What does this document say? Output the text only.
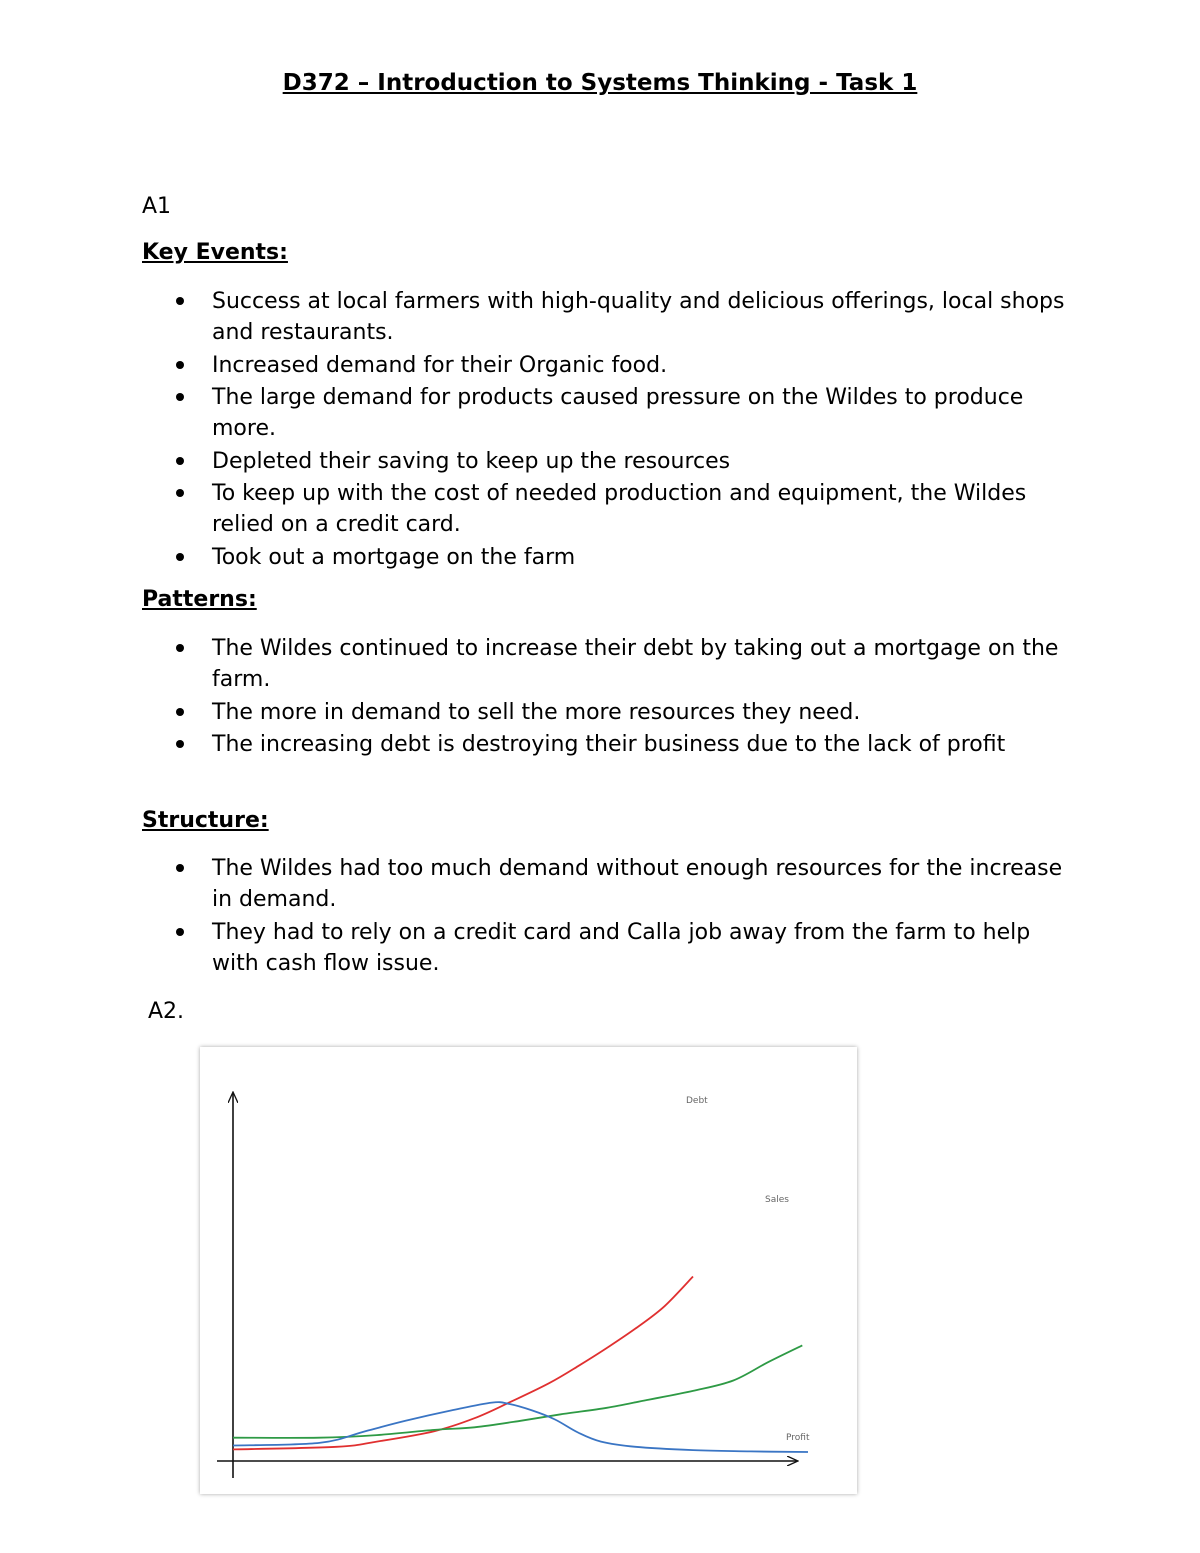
D372 – Introduction to Systems Thinking - Task 1
A1
Key Events:
Success at local farmers with high-quality and delicious offerings, local shops and restaurants.
Increased demand for their Organic food.
The large demand for products caused pressure on the Wildes to produce more.
Depleted their saving to keep up the resources
To keep up with the cost of needed production and equipment, the Wildes relied on a credit card.
Took out a mortgage on the farm
Patterns:
The Wildes continued to increase their debt by taking out a mortgage on the farm.
The more in demand to sell the more resources they need.
The increasing debt is destroying their business due to the lack of profit
Structure:
The Wildes had too much demand without enough resources for the increase in demand.
They had to rely on a credit card and Calla job away from the farm to help with cash flow issue.
A2.
Debt
Sales
Profit
